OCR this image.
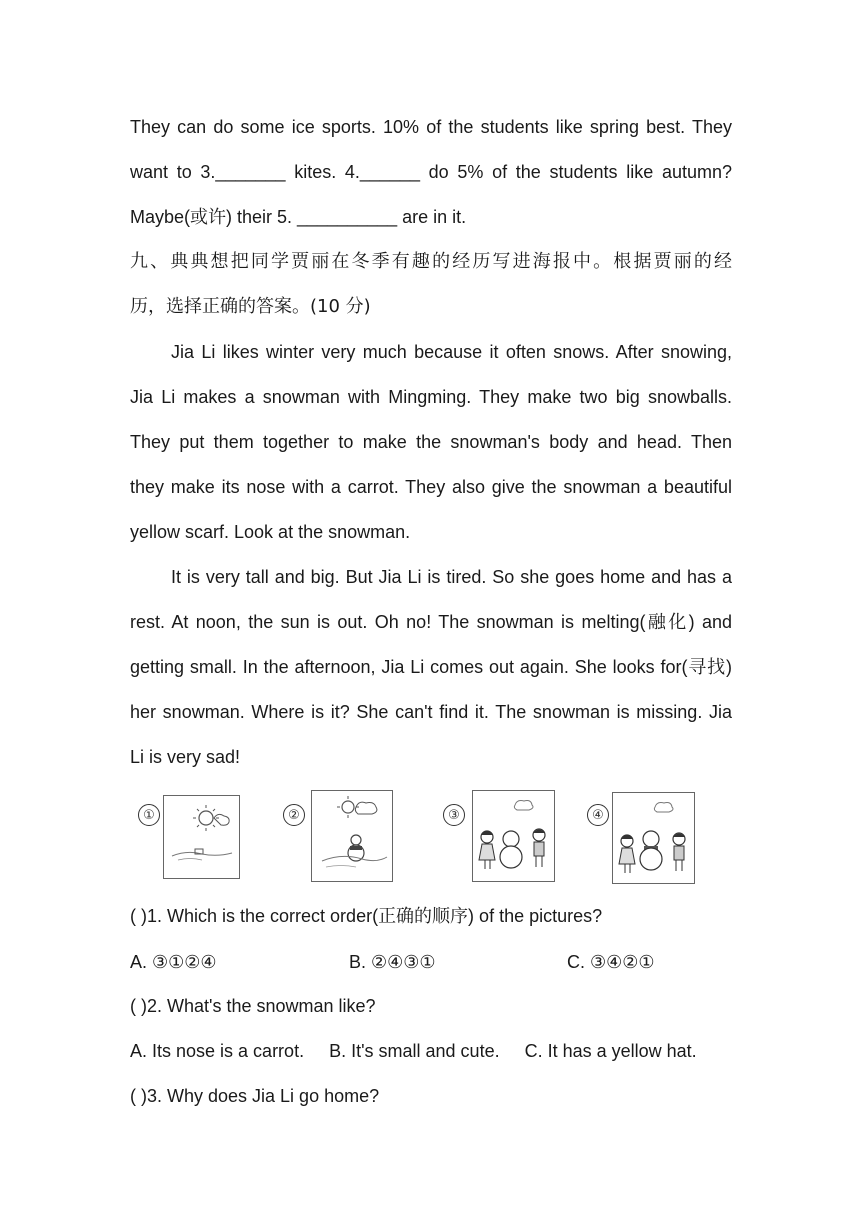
They can do some ice sports. 10% of the students like spring best. They
want to 3._______ kites. 4.______ do 5% of the students like autumn?
Maybe(或许) their 5. __________ are in it.
九、典典想把同学贾丽在冬季有趣的经历写进海报中。根据贾丽的经
历，选择正确的答案。(10 分)
Jia Li likes winter very much because it often snows. After snowing,
Jia Li makes a snowman with Mingming. They make two big snowballs.
They put them together to make the snowman's body and head. Then
they make its nose with a carrot. They also give the snowman a beautiful
yellow scarf. Look at the snowman.
It is very tall and big. But Jia Li is tired. So she goes home and has a
rest. At noon, the sun is out. Oh no! The snowman is melting(融化) and
getting small. In the afternoon, Jia Li comes out again. She looks for(寻找)
her snowman. Where is it? She can't find it. The snowman is missing. Jia
Li is very sad!
①	②	③	④
( )1. Which is the correct order(正确的顺序) of the pictures?
A. ③①②④	B. ②④③①	C. ③④②①
( )2. What's the snowman like?
A. Its nose is a carrot.     B. It's small and cute.     C. It has a yellow hat.
( )3. Why does Jia Li go home?
